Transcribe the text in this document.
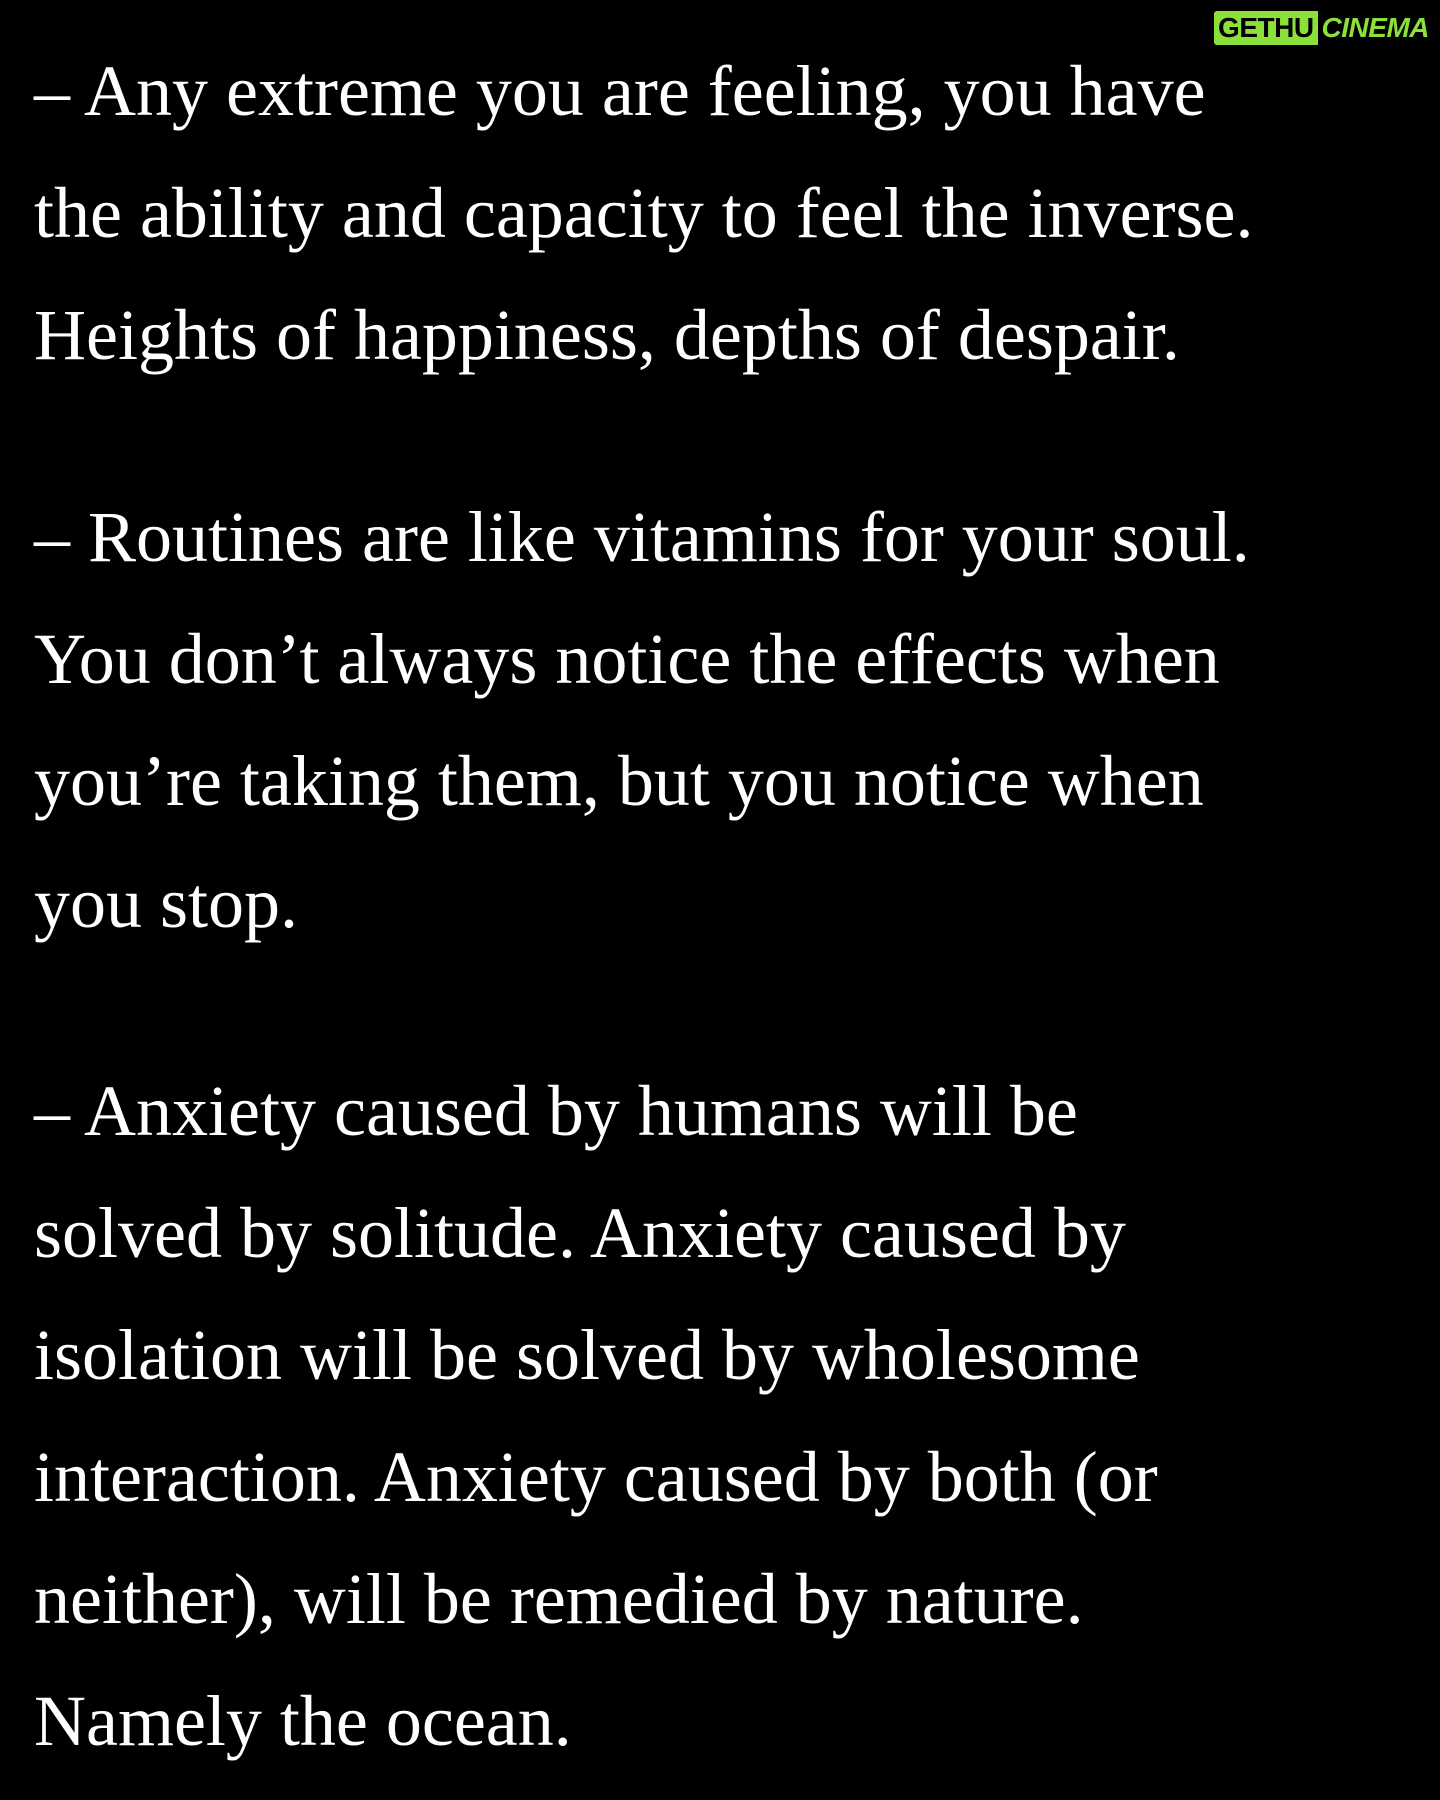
GETHU CINEMA

– Any extreme you are feeling, you have
the ability and capacity to feel the inverse.
Heights of happiness, depths of despair.

– Routines are like vitamins for your soul.
You don’t always notice the effects when
you’re taking them, but you notice when
you stop.

– Anxiety caused by humans will be
solved by solitude. Anxiety caused by
isolation will be solved by wholesome
interaction. Anxiety caused by both (or
neither), will be remedied by nature.
Namely the ocean.
